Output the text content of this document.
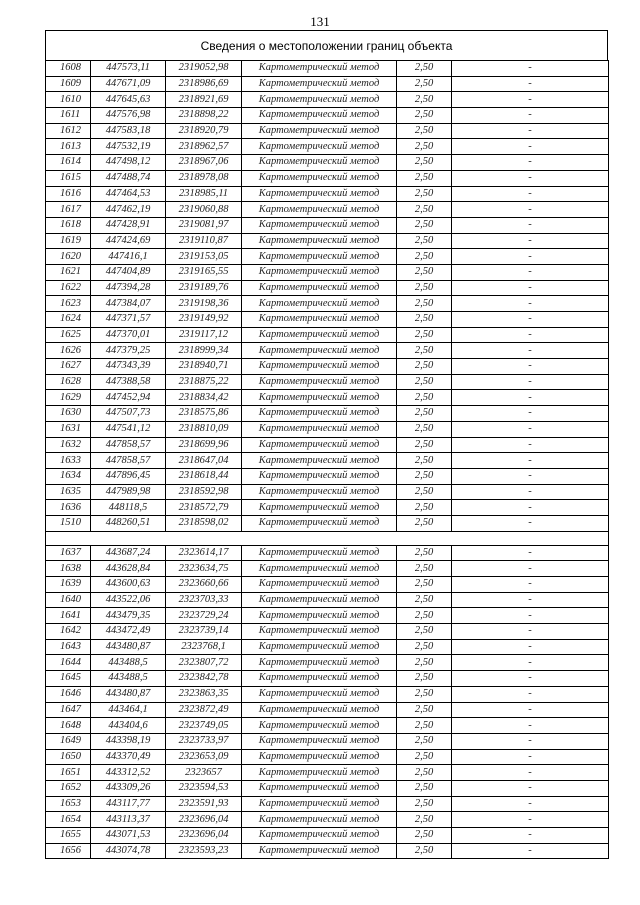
131
Сведения о местоположении границ объекта
1608	447573,11	2319052,98	Картометрический метод	2,50	-
1609	447671,09	2318986,69	Картометрический метод	2,50	-
1610	447645,63	2318921,69	Картометрический метод	2,50	-
1611	447576,98	2318898,22	Картометрический метод	2,50	-
1612	447583,18	2318920,79	Картометрический метод	2,50	-
1613	447532,19	2318962,57	Картометрический метод	2,50	-
1614	447498,12	2318967,06	Картометрический метод	2,50	-
1615	447488,74	2318978,08	Картометрический метод	2,50	-
1616	447464,53	2318985,11	Картометрический метод	2,50	-
1617	447462,19	2319060,88	Картометрический метод	2,50	-
1618	447428,91	2319081,97	Картометрический метод	2,50	-
1619	447424,69	2319110,87	Картометрический метод	2,50	-
1620	447416,1	2319153,05	Картометрический метод	2,50	-
1621	447404,89	2319165,55	Картометрический метод	2,50	-
1622	447394,28	2319189,76	Картометрический метод	2,50	-
1623	447384,07	2319198,36	Картометрический метод	2,50	-
1624	447371,57	2319149,92	Картометрический метод	2,50	-
1625	447370,01	2319117,12	Картометрический метод	2,50	-
1626	447379,25	2318999,34	Картометрический метод	2,50	-
1627	447343,39	2318940,71	Картометрический метод	2,50	-
1628	447388,58	2318875,22	Картометрический метод	2,50	-
1629	447452,94	2318834,42	Картометрический метод	2,50	-
1630	447507,73	2318575,86	Картометрический метод	2,50	-
1631	447541,12	2318810,09	Картометрический метод	2,50	-
1632	447858,57	2318699,96	Картометрический метод	2,50	-
1633	447858,57	2318647,04	Картометрический метод	2,50	-
1634	447896,45	2318618,44	Картометрический метод	2,50	-
1635	447989,98	2318592,98	Картометрический метод	2,50	-
1636	448118,5	2318572,79	Картометрический метод	2,50	-
1510	448260,51	2318598,02	Картометрический метод	2,50	-

1637	443687,24	2323614,17	Картометрический метод	2,50	-
1638	443628,84	2323634,75	Картометрический метод	2,50	-
1639	443600,63	2323660,66	Картометрический метод	2,50	-
1640	443522,06	2323703,33	Картометрический метод	2,50	-
1641	443479,35	2323729,24	Картометрический метод	2,50	-
1642	443472,49	2323739,14	Картометрический метод	2,50	-
1643	443480,87	2323768,1	Картометрический метод	2,50	-
1644	443488,5	2323807,72	Картометрический метод	2,50	-
1645	443488,5	2323842,78	Картометрический метод	2,50	-
1646	443480,87	2323863,35	Картометрический метод	2,50	-
1647	443464,1	2323872,49	Картометрический метод	2,50	-
1648	443404,6	2323749,05	Картометрический метод	2,50	-
1649	443398,19	2323733,97	Картометрический метод	2,50	-
1650	443370,49	2323653,09	Картометрический метод	2,50	-
1651	443312,52	2323657	Картометрический метод	2,50	-
1652	443309,26	2323594,53	Картометрический метод	2,50	-
1653	443117,77	2323591,93	Картометрический метод	2,50	-
1654	443113,37	2323696,04	Картометрический метод	2,50	-
1655	443071,53	2323696,04	Картометрический метод	2,50	-
1656	443074,78	2323593,23	Картометрический метод	2,50	-
